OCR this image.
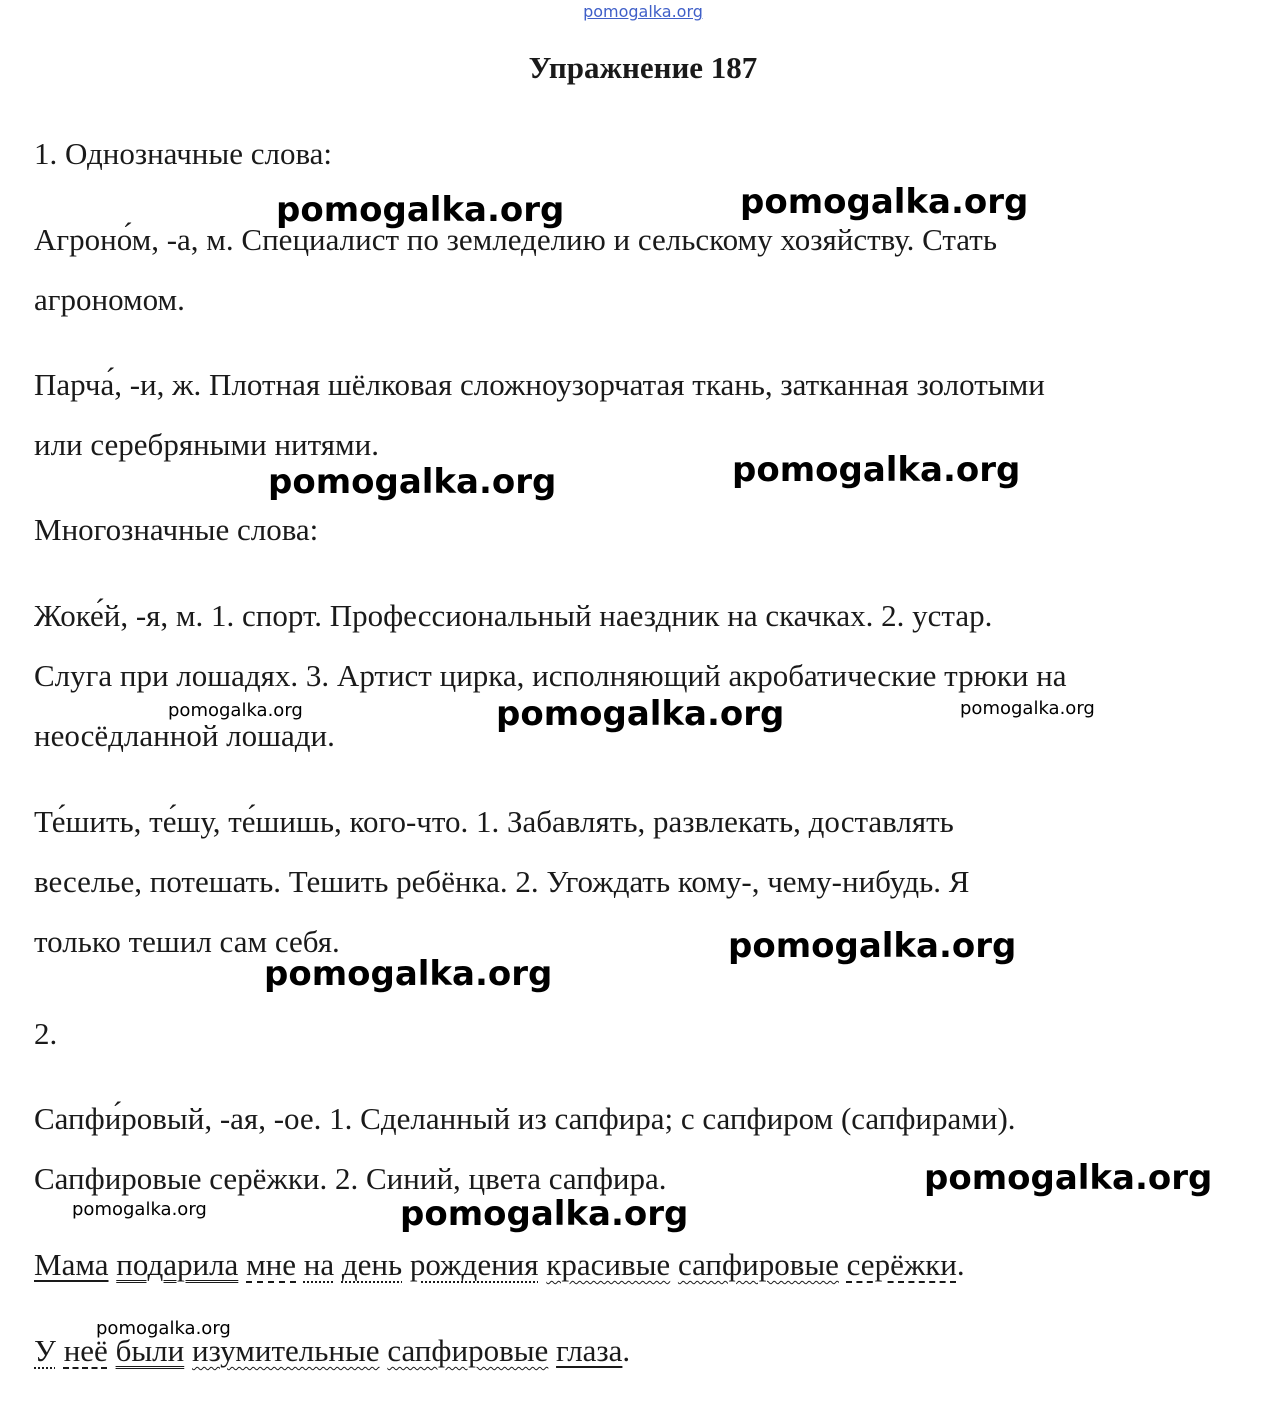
pomogalka.org
Упражнение 187
1. Однозначные слова:
Агроно́м, -а, м. Специалист по земледелию и сельскому хозяйству. Стать
агрономом.
Парча́, -и, ж. Плотная шёлковая сложноузорчатая ткань, затканная золотыми
или серебряными нитями.
Многозначные слова:
Жоке́й, -я, м. 1. спорт. Профессиональный наездник на скачках. 2. устар.
Слуга при лошадях. 3. Артист цирка, исполняющий акробатические трюки на
неосёдланной лошади.
Те́шить, те́шу, те́шишь, кого-что. 1. Забавлять, развлекать, доставлять
веселье, потешать. Тешить ребёнка. 2. Угождать кому-, чему-нибудь. Я
только тешил сам себя.
2.
Сапфи́ровый, -ая, -ое. 1. Сделанный из сапфира; с сапфиром (сапфирами).
Сапфировые серёжки. 2. Синий, цвета сапфира.
Мама подарила мне на день рождения красивые сапфировые серёжки.
У неё были изумительные сапфировые глаза.
pomogalka.org	pomogalka.org
pomogalka.org	pomogalka.org
pomogalka.org	pomogalka.org	pomogalka.org
pomogalka.org
pomogalka.org
pomogalka.org
pomogalka.org	pomogalka.org
pomogalka.org
